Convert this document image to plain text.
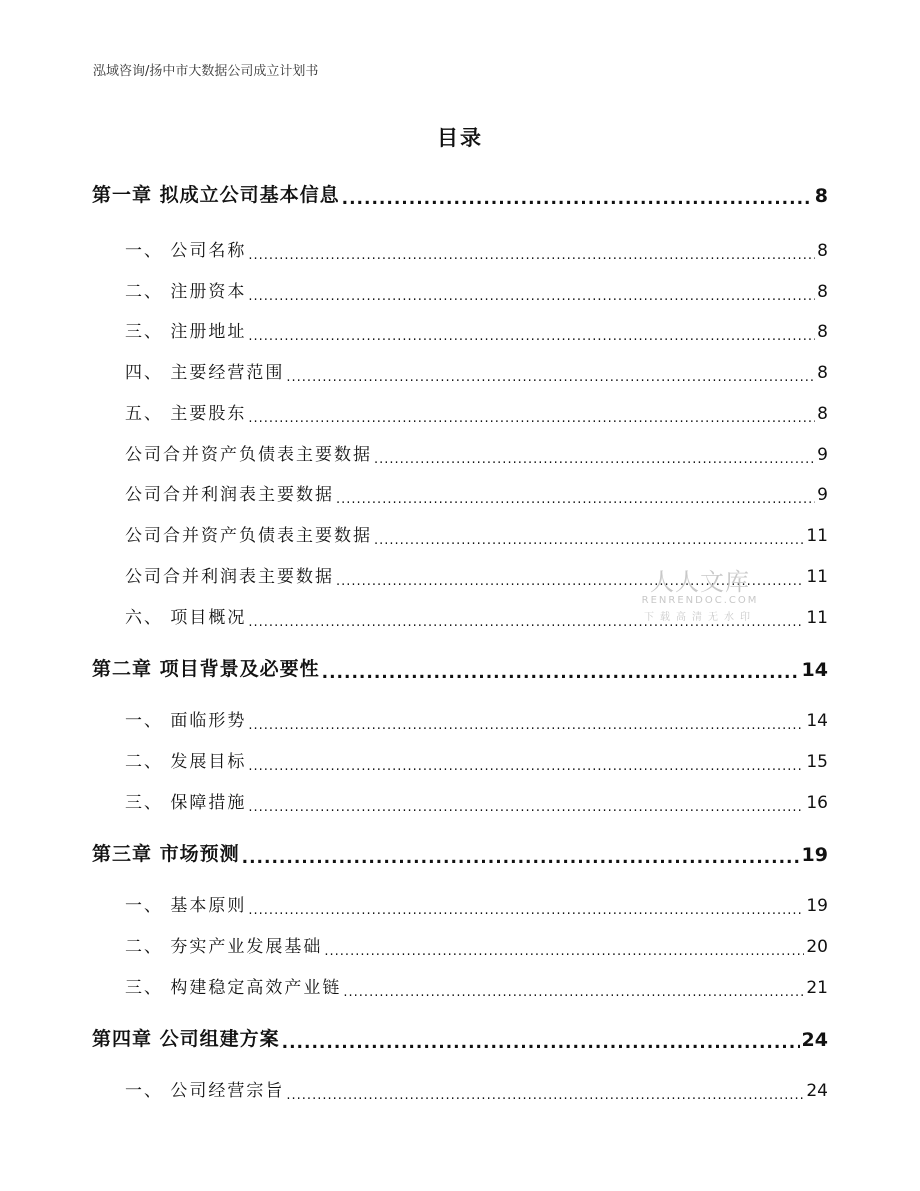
泓域咨询/扬中市大数据公司成立计划书
目录
第一章 拟成立公司基本信息 .....	8
一、 公司名称 .....	8
二、 注册资本 .....	8
三、 注册地址 .....	8
四、 主要经营范围 .....	8
五、 主要股东 .....	8
公司合并资产负债表主要数据 .....	9
公司合并利润表主要数据 .....	9
公司合并资产负债表主要数据 .....	11
公司合并利润表主要数据 .....	11
六、 项目概况 .....	11
第二章 项目背景及必要性 .....	14
一、 面临形势 .....	14
二、 发展目标 .....	15
三、 保障措施 .....	16
第三章 市场预测 .....	19
一、 基本原则 .....	19
二、 夯实产业发展基础 .....	20
三、 构建稳定高效产业链 .....	21
第四章 公司组建方案 .....	24
一、 公司经营宗旨 .....	24
人人文库
RENRENDOC.COM
下载高清无水印
